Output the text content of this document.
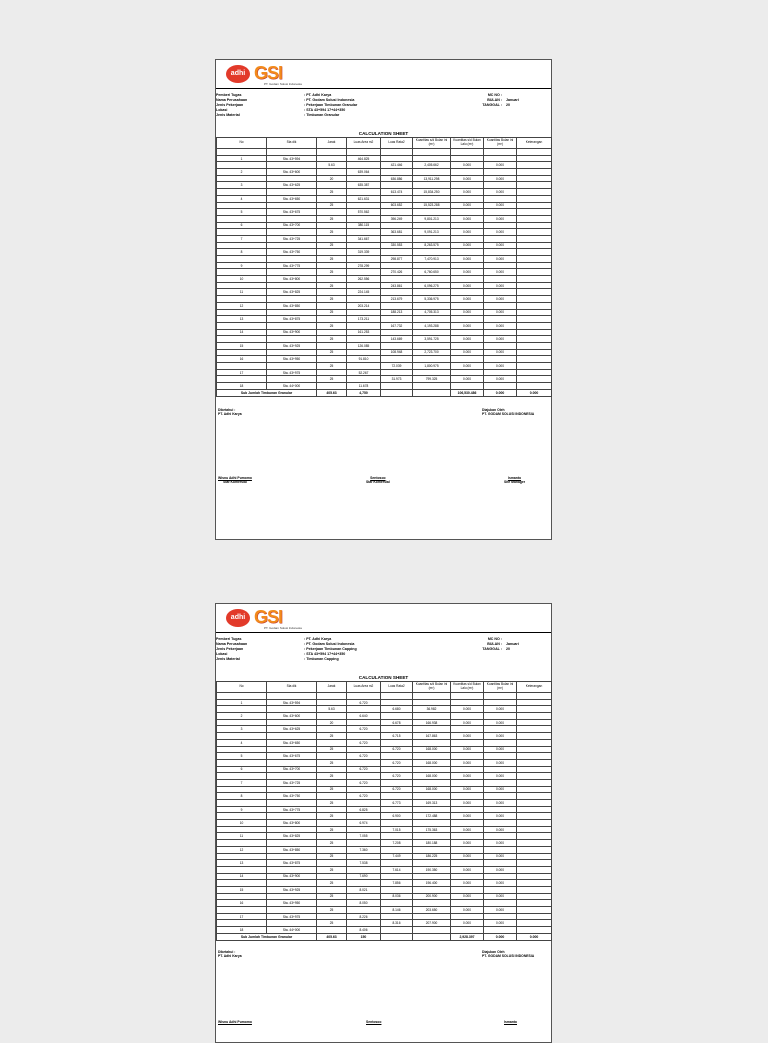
adhi GSI
PT. Godam Solusi Indonesia
Pemberi Tugas
Nama Perusahaan
Jenis Pekerjaan
Lokasi
Jenis Material
: PT. Adhi Karya
: PT. Godam Solusi Indonesia
: Pekerjaan Timbunan Granular
: STA 43+594 17+44+350
: Timbunan Granular
MC NO :
BULAN :
TANGGAL :

Januari
20
CALCULATION SHEET
No	Sta dik	Jarak	Luas Area m2	Luas Rata2	Kuantitas s/d Bulan ini (m³)	Kuantitas s/d Bulan Lalu (m³)	Kuantitas Bulan ini (m³)	Keterangan	

1	Sta. 43+594		464.825						
		5.63		421.446	2,405.662	0.000	0.000		
2	Sta. 43+600		639.064						
		20		636.886	13,911.298	0.000	0.000		
3	Sta. 43+625		635.387						
		25		613.474	15,834.250	0.000	0.000		
4	Sta. 43+650		621.631						
		25		603.652	15,523.288	0.000	0.000		
5	Sta. 43+675		570.562						
		25		396.249	9,801.213	0.000	0.000		
6	Sta. 43+700		380.115						
		25		363.681	9,091.213	0.000	0.000		
7	Sta. 43+725		341.667						
		25		330.553	8,263.575	0.000	0.000		
8	Sta. 43+750		319.339						
		25		298.877	7,470.913	0.000	0.000		
9	Sta. 43+775		278.299						
		25		270.426	6,760.650	0.000	0.000		
10	Sta. 43+800		262.556						
		25		243.861	6,096.275	0.000	0.000		
11	Sta. 43+825		224.145						
		25		213.679	5,336.975	0.000	0.000		
12	Sta. 43+850		203.214						
		25		188.213	4,705.313	0.000	0.000		
13	Sta. 43+875		173.211						
		25		167.732	4,193.288	0.000	0.000		
14	Sta. 43+900		161.253						
		25		143.669	3,591.725	0.000	0.000		
15	Sta. 43+925		126.085						
		25		108.948	2,723.700	0.000	0.000		
16	Sta. 43+950		91.810						
		25		72.039	1,800.975	0.000	0.000		
17	Sta. 43+975		52.267						
		25		31.973	799.325	0.000	0.000		
18	Sta. 44+000		11.678						
Sub Jumlah Timbunan Granular		405.63	4,750			106,530.486	0.000	0.000	
Diketahui :
PT. Adhi Karya
Diajukan Oleh
PT. GODAM SOLUSI INDONESIA
Wisnu Adhi Pumomo
Staf Komersial
Sentosoo
Staf Komersial
Ismanto
Site Manager
adhi GSI
PT. Godam Solusi Indonesia
Pemberi Tugas
Nama Perusahaan
Jenis Pekerjaan
Lokasi
Jenis Material
: PT. Adhi Karya
: PT. Godam Solusi Indonesia
: Pekerjaan Timbunan Capping
: STA 43+594 17+44+350
: Timbunan Capping
MC NO :
BULAN :
TANGGAL :

Januari
20
CALCULATION SHEET
No	Sta dik	Jarak	Luas Area m2	Luas Rata2	Kuantitas s/d Bulan ini (m³)	Kuantitas s/d Bulan Lalu (m³)	Kuantitas Bulan ini (m³)	Keterangan	

1	Sta. 43+594		6.720						
		5.63		6.680	36.982	0.000	0.000		
2	Sta. 43+600		6.640						
		20		6.678	166.938	0.000	0.000		
3	Sta. 43+625		6.720						
		25		6.715	167.863	0.000	0.000		
4	Sta. 43+650		6.720						
		25		6.720	168.000	0.000	0.000		
5	Sta. 43+675		6.720						
		25		6.720	168.000	0.000	0.000		
6	Sta. 43+700		6.720						
		25		6.720	168.000	0.000	0.000		
7	Sta. 43+725		6.720						
		25		6.720	168.000	0.000	0.000		
8	Sta. 43+750		6.720						
		25		6.773	169.313	0.000	0.000		
9	Sta. 43+775		6.825						
		25		6.900	172.488	0.000	0.000		
10	Sta. 43+800		6.974						
		25		7.015	175.363	0.000	0.000		
11	Sta. 43+825		7.055						
		25		7.208	180.188	0.000	0.000		
12	Sta. 43+850		7.360						
		25		7.449	186.225	0.000	0.000		
13	Sta. 43+875		7.538						
		25		7.614	190.350	0.000	0.000		
14	Sta. 43+900		7.690						
		25		7.856	196.400	0.000	0.000		
15	Sta. 43+925		8.021						
		25		8.036	200.900	0.000	0.000		
16	Sta. 43+950		8.050						
		25		8.146	203.650	0.000	0.000		
17	Sta. 43+975		8.226						
		25		8.316	207.900	0.000	0.000		
18	Sta. 44+000		8.406						
Sub Jumlah Timbunan Granular		405.63	150			2,928.397	0.000	0.000	
Diketahui :
PT. Adhi Karya
Diajukan Oleh
PT. GODAM SOLUSI INDONESIA
Wisnu Adhi Pumomo	Sentosoo	Ismanto
